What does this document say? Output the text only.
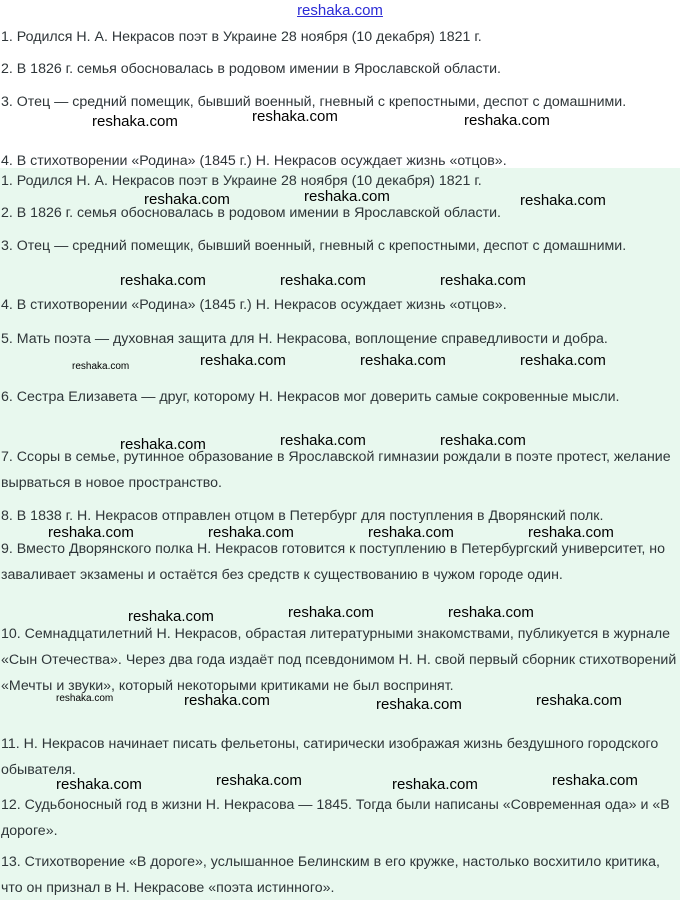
reshaka.com

1. Родился Н. А. Некрасов поэт в Украине 28 ноября (10 декабря) 1821 г.

2. В 1826 г. семья обосновалась в родовом имении в Ярославской области.

3. Отец — средний помещик, бывший военный, гневный с крепостными, деспот с домашними.

4. В стихотворении «Родина» (1845 г.) Н. Некрасов осуждает жизнь «отцов».

1. Родился Н. А. Некрасов поэт в Украине 28 ноября (10 декабря) 1821 г.

2. В 1826 г. семья обосновалась в родовом имении в Ярославской области.

3. Отец — средний помещик, бывший военный, гневный с крепостными, деспот с домашними.

4. В стихотворении «Родина» (1845 г.) Н. Некрасов осуждает жизнь «отцов».

5. Мать поэта — духовная защита для Н. Некрасова, воплощение справедливости и добра.

6. Сестра Елизавета — друг, которому Н. Некрасов мог доверить самые сокровенные мысли.

7. Ссоры в семье, рутинное образование в Ярославской гимназии рождали в поэте протест, желание вырваться в новое пространство.

8. В 1838 г. Н. Некрасов отправлен отцом в Петербург для поступления в Дворянский полк.

9. Вместо Дворянского полка Н. Некрасов готовится к поступлению в Петербургский университет, но заваливает экзамены и остаётся без средств к существованию в чужом городе один.

10. Семнадцатилетний Н. Некрасов, обрастая литературными знакомствами, публикуется в журнале «Сын Отечества». Через два года издаёт под псевдонимом Н. Н. свой первый сборник стихотворений «Мечты и звуки», который некоторыми критиками не был воспринят.

11. Н. Некрасов начинает писать фельетоны, сатирически изображая жизнь бездушного городского обывателя.

12. Судьбоносный год в жизни Н. Некрасова — 1845. Тогда были написаны «Современная ода» и «В дороге».

13. Стихотворение «В дороге», услышанное Белинским в его кружке, настолько восхитило критика, что он признал в Н. Некрасове «поэта истинного».

reshaka.com	reshaka.com	reshaka.com
reshaka.com	reshaka.com	reshaka.com
reshaka.com	reshaka.com	reshaka.com
reshaka.com	reshaka.com	reshaka.com	reshaka.com
reshaka.com	reshaka.com	reshaka.com
reshaka.com	reshaka.com	reshaka.com	reshaka.com
reshaka.com	reshaka.com	reshaka.com
reshaka.com	reshaka.com	reshaka.com	reshaka.com
reshaka.com	reshaka.com	reshaka.com	reshaka.com
